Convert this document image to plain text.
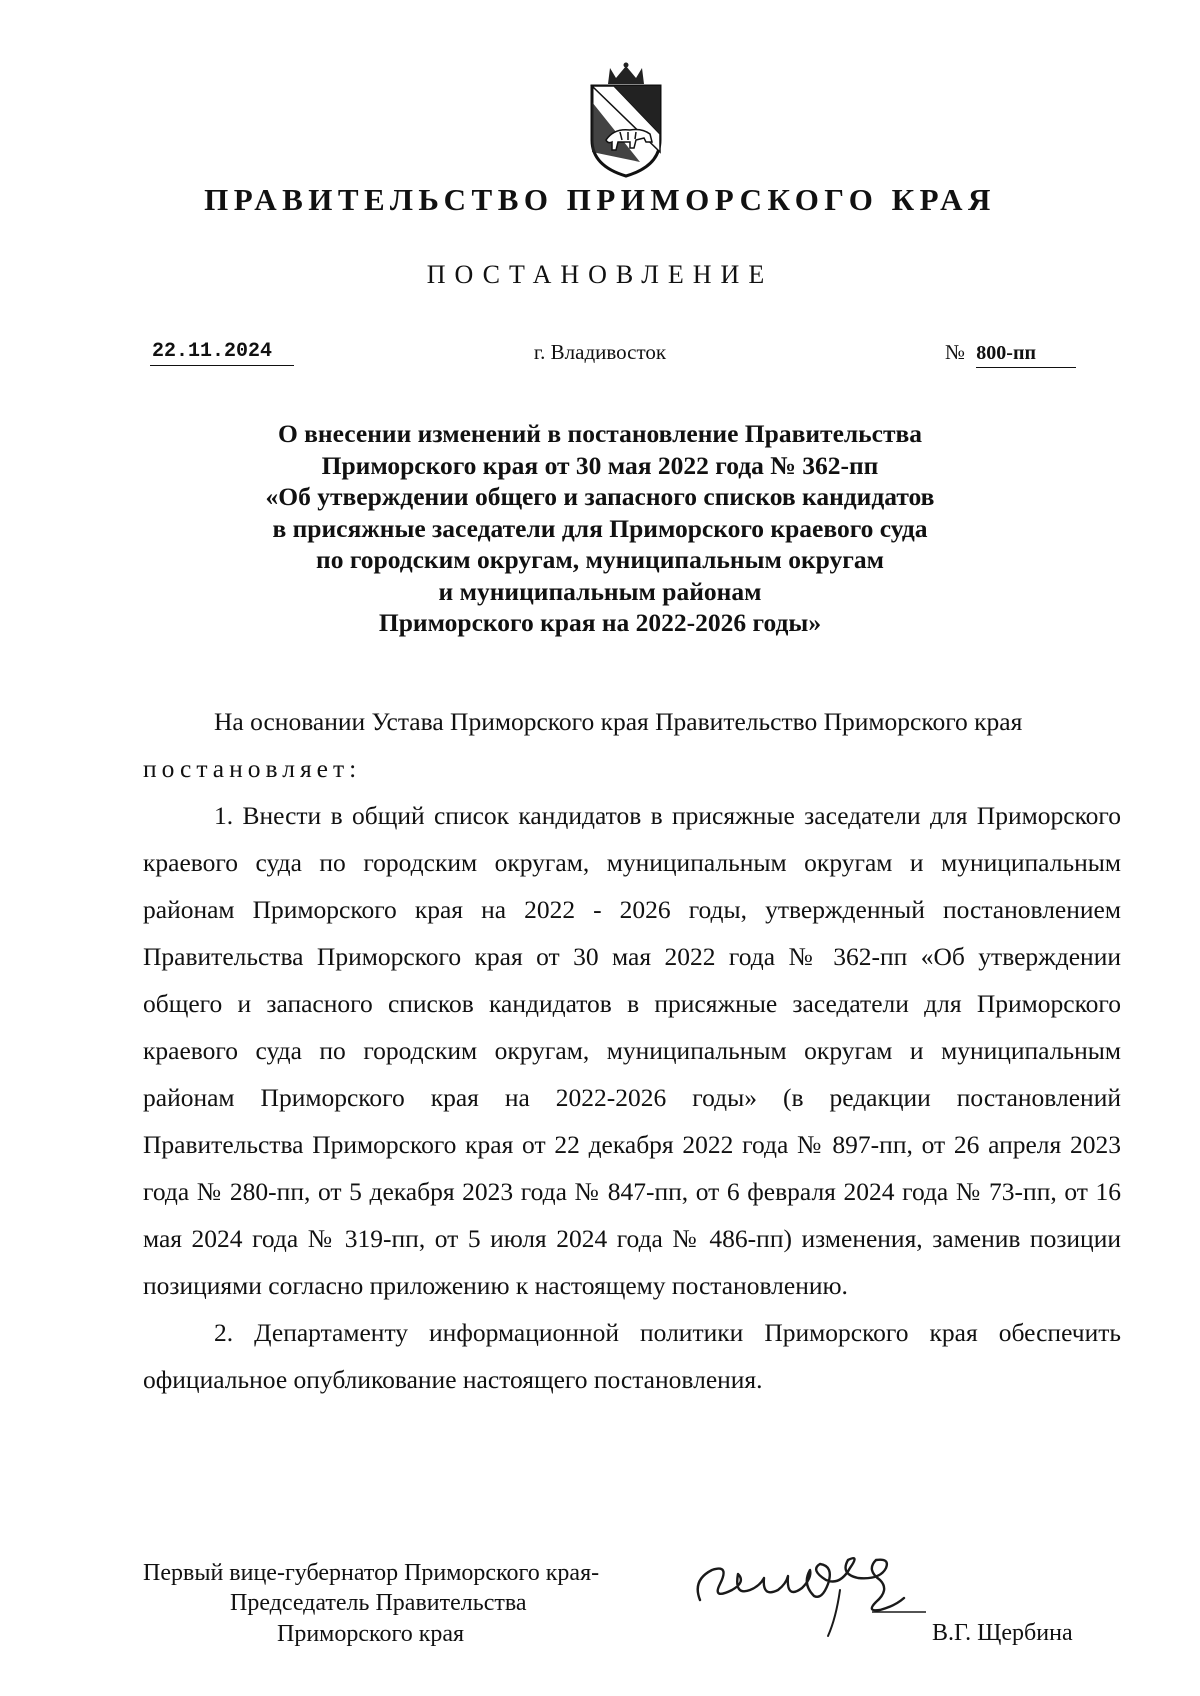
ПРАВИТЕЛЬСТВО ПРИМОРСКОГО КРАЯ
ПОСТАНОВЛЕНИЕ
22.11.2024	г. Владивосток	№ 800-пп
О внесении изменений в постановление Правительства
Приморского края от 30 мая 2022 года № 362-пп
«Об утверждении общего и запасного списков кандидатов
в присяжные заседатели для Приморского краевого суда
по городским округам, муниципальным округам
и муниципальным районам
Приморского края на 2022-2026 годы»

На основании Устава Приморского края Правительство Приморского края

постановляет:

1. Внести в общий список кандидатов в присяжные заседатели для Приморского краевого суда по городским округам, муниципальным округам и муниципальным районам Приморского края на 2022 - 2026 годы, утвержденный постановлением Правительства Приморского края от 30 мая 2022 года № 362-пп «Об утверждении общего и запасного списков кандидатов в присяжные заседатели для Приморского краевого суда по городским округам, муниципальным округам и муниципальным районам Приморского края на 2022-2026 годы» (в редакции постановлений Правительства Приморского края от 22 декабря 2022 года № 897-пп, от 26 апреля 2023 года № 280-пп, от 5 декабря 2023 года № 847-пп, от 6 февраля 2024 года № 73-пп, от 16 мая 2024 года № 319-пп, от 5 июля 2024 года № 486-пп) изменения, заменив позиции позициями согласно приложению к настоящему постановлению.

2. Департаменту информационной политики Приморского края обеспечить официальное опубликование настоящего постановления.

Первый вице-губернатор Приморского края-
Председатель Правительства
Приморского края	В.Г. Щербина
